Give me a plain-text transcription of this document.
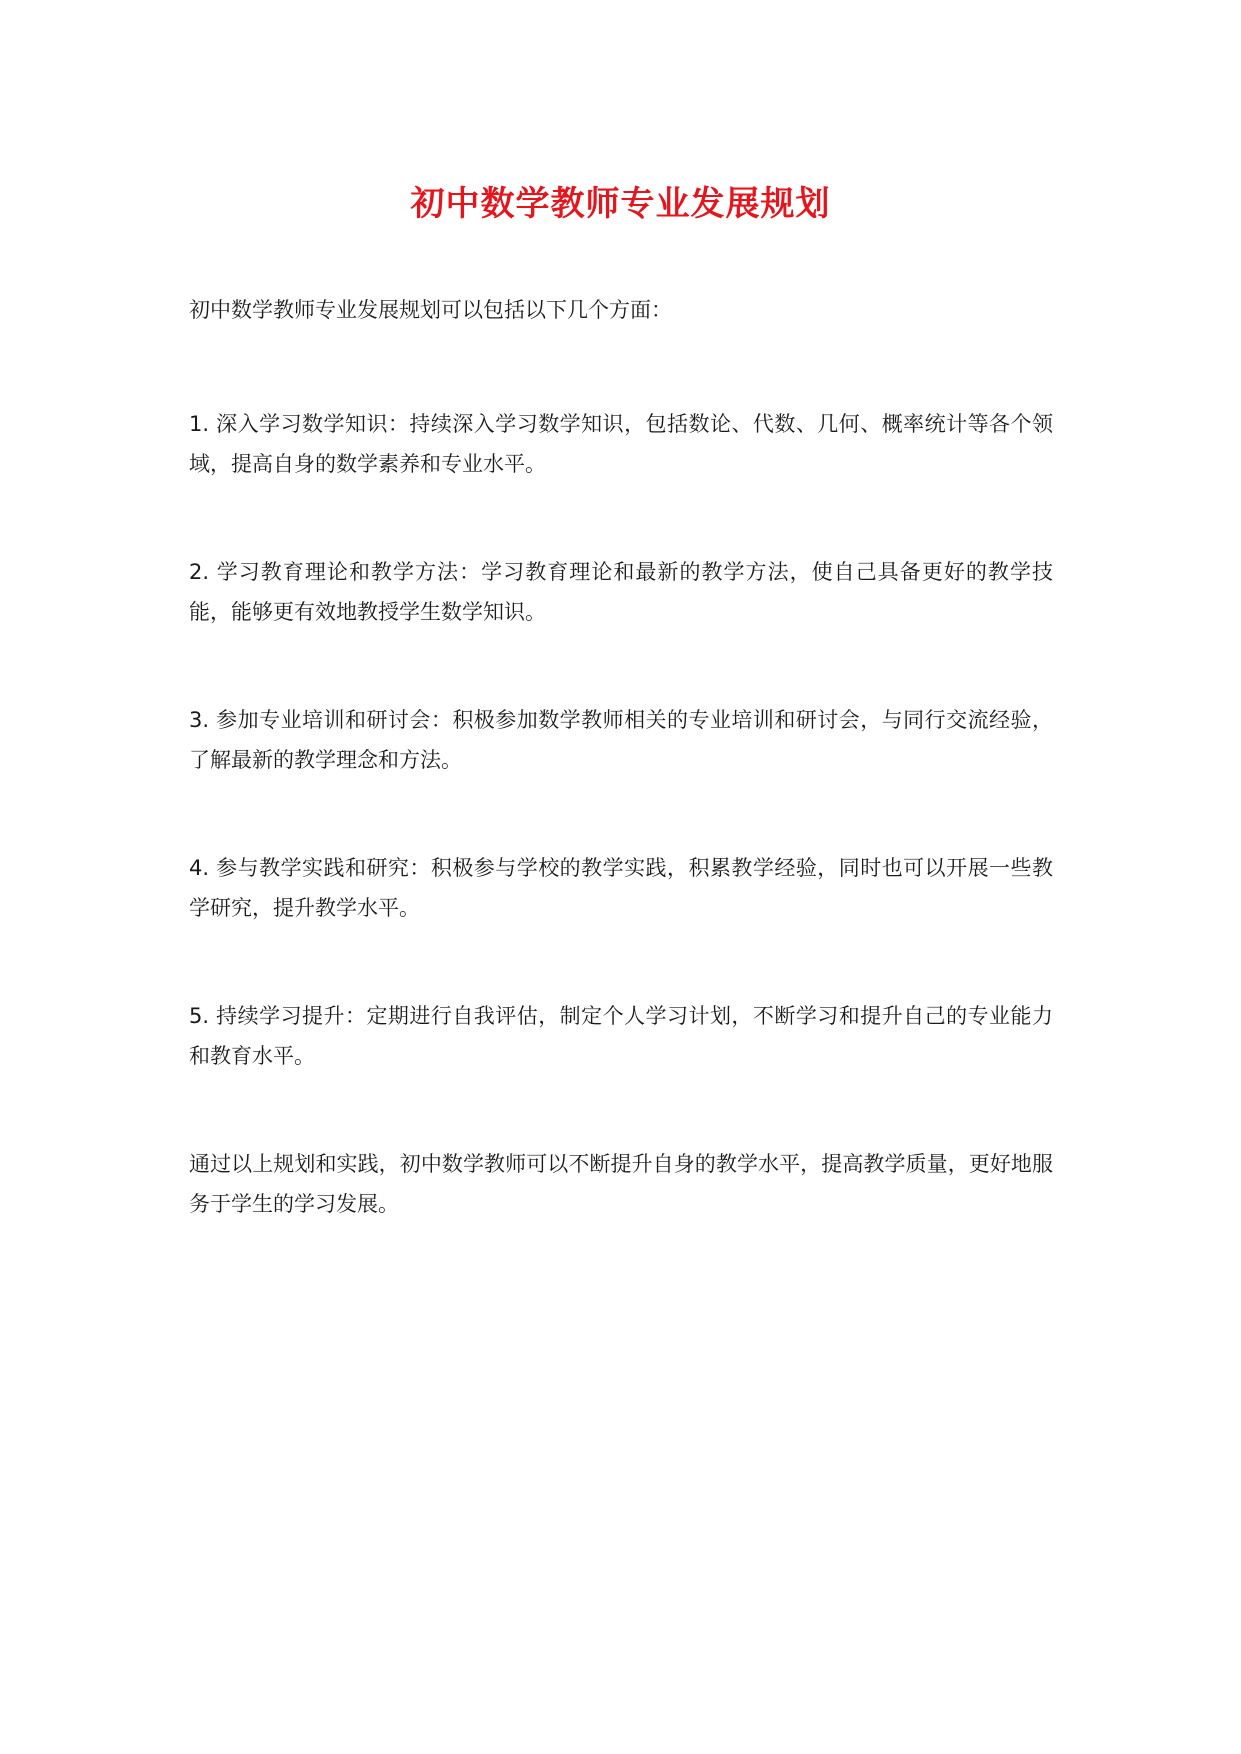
初中数学教师专业发展规划

初中数学教师专业发展规划可以包括以下几个方面：

1. 深入学习数学知识：持续深入学习数学知识，包括数论、代数、几何、概率统计等各个领域，提高自身的数学素养和专业水平。

2. 学习教育理论和教学方法：学习教育理论和最新的教学方法，使自己具备更好的教学技能，能够更有效地教授学生数学知识。

3. 参加专业培训和研讨会：积极参加数学教师相关的专业培训和研讨会，与同行交流经验，了解最新的教学理念和方法。

4. 参与教学实践和研究：积极参与学校的教学实践，积累教学经验，同时也可以开展一些教学研究，提升教学水平。

5. 持续学习提升：定期进行自我评估，制定个人学习计划，不断学习和提升自己的专业能力和教育水平。

通过以上规划和实践，初中数学教师可以不断提升自身的教学水平，提高教学质量，更好地服务于学生的学习发展。
